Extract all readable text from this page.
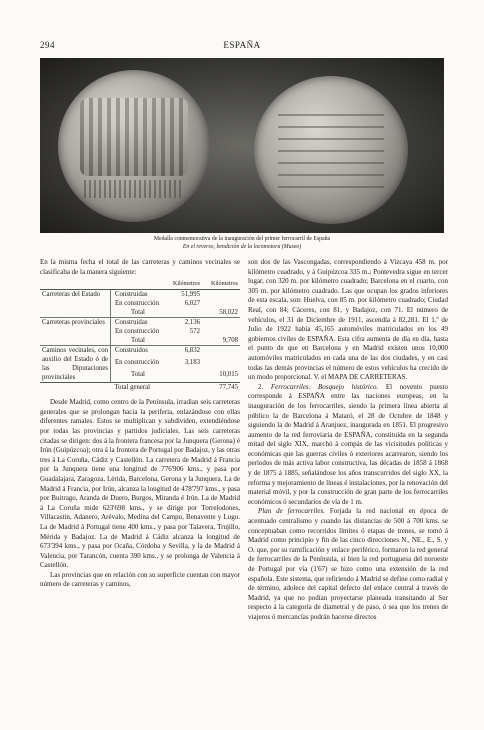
294	ESPAÑA
Medalla conmemorativa de la inauguración del primer ferrocarril de España
En el reverso, bendición de la locomotora (Museo)

En la misma fecha el total de las carreteras y caminos vecinales se clasificaba de la manera siguiente:

		Kilómetros	Kilómetros
Carreteras del Estado	Construidas	51,995	
	En construcción	6,027	
	Total		58,022
Carreteras provinciales	Construidas	2,136	
	En construcción	572	
	Total		9,708
Caminos vecinales, con auxilio del Estado ó de las Diputaciones provinciales	Construidos	6,832	
	En construcción	3,183	
	Total		10,015
	Total general		77,745

Desde Madrid, como centro de la Península, irradian seis carreteras generales que se prolongan hacia la periferia, enlazándose con ellas diferentes ramales. Estos se multiplican y subdividen, extendiéndose por todas las provincias y partidos judiciales. Las seis carreteras citadas se dirigen: dos á la frontera francesa por la Junquera (Gerona) é Irún (Guipúzcoa); otra á la frontera de Portugal por Badajoz, y las otras tres á La Coruña, Cádiz y Castellón. La carretera de Madrid á Francia por la Junquera tiene una longitud de 776'906 kms., y pasa por Guadalajara, Zaragoza, Lérida, Barcelona, Gerona y la Junquera. La de Madrid á Francia, por Irún, alcanza la longitud de 478'797 kms., y pasa por Buitrago, Aranda de Duero, Burgos, Miranda é Irún. La de Madrid á La Coruña mide 623'698 kms., y se dirige por Torrelodones, Villacastín, Adanero, Arévalo, Medina del Campo, Benavente y Lugo. La de Madrid á Portugal tiene 400 kms., y pasa por Talavera, Trujillo, Mérida y Badajoz. La de Madrid á Cádiz alcanza la longitud de 673'394 kms., y pasa por Ocaña, Córdoba y Sevilla, y la de Madrid á Valencia, por Tarancón, cuenta 390 kms., y se prolonga de Valencia á Castellón.

Las provincias que en relación con su superficie cuentan con mayor número de carreteras y caminos,

son dos de las Vascongadas, correspondiendo á Vizcaya 458 m. por kilómetro cuadrado, y á Guipúzcoa 335 m.; Pontevedra sigue en tercer lugar, con 320 m. por kilómetro cuadrado; Barcelona en el cuarto, con 305 m. por kilómetro cuadrado. Las que ocupan los grados inferiores de esta escala, son: Huelva, con 85 m. por kilómetro cuadrado; Ciudad Real, con 84; Cáceres, con 81, y Badajoz, con 71. El número de vehículos, el 31 de Diciembre de 1911, ascendía á 82,281. El 1.º de Julio de 1922 había 45,165 automóviles matriculados en los 49 gobiernos civiles de ESPAÑA. Esta cifra aumenta de día en día, hasta el punto de que en Barcelona y en Madrid existen unos 10,000 automóviles matriculados en cada una de las dos ciudades, y en casi todas las demás provincias el número de estos vehículos ha crecido de un modo proporcional. V. el MAPA DE CARRETERAS.

2. Ferrocarriles. Bosquejo histórico. El novento puesto corresponde á ESPAÑA entre las naciones europeas, en la inauguración de los ferrocarriles, siendo la primera línea abierta al público la de Barcelona á Mataró, el 28 de Octubre de 1848 y siguiendo la de Madrid á Aranjuez, inaugurada en 1851. El progresivo aumento de la red ferroviaria de ESPAÑA, constituída en la segunda mitad del siglo XIX, marchó á compás de las vicisitudes políticas y económicas que las guerras civiles ó exteriores acarrearon, siendo los períodos de más activa labor constructiva, las décadas de 1858 á 1868 y de 1875 á 1885, señalándose los años transcurridos del siglo XX, la reforma y mejoramiento de líneas é instalaciones, por la renovación del material móvil, y por la construcción de gran parte de los ferrocarriles económicos ó secundarios de vía de 1 m.

Plan de ferrocarriles. Forjada la red nacional en época de acentuado centralismo y cuando las distancias de 500 á 700 kms. se conceptuaban como recorridos límites ó etapas de trenes, se tomó á Madrid como principio y fin de las cinco direcciones N., NE., E., S. y O. que, por su ramificación y enlace periférico, formaron la red general de ferrocarriles de la Península, si bien la red portuguesa del noroeste de Portugal por vía (1'67) se hizo como una extensión de la red española. Este sistema, que refiriendo á Madrid se define como radial y de término, adolece del capital defecto del enlace central á través de Madrid, ya que no podían proyectarse planeada transitando al Sur respecto á la categoría de diametral y de paso, ó sea que los trenes de viajeros ó mercancías podrán hacerse directos
